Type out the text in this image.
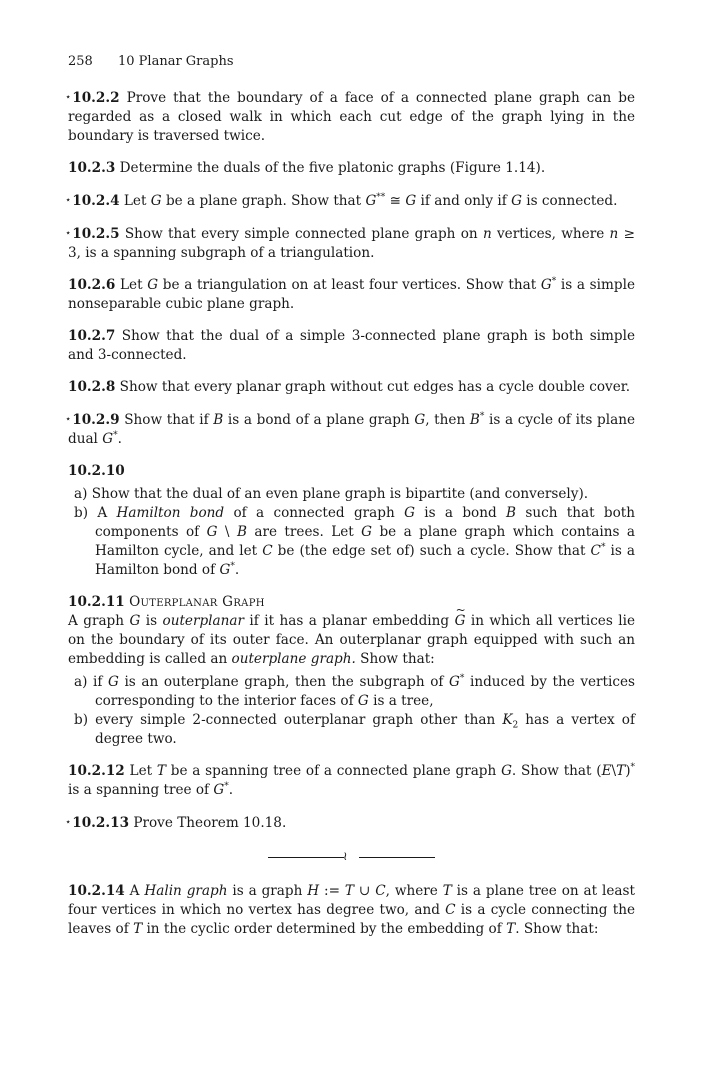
258 10 Planar Graphs

⋆10.2.2 Prove that the boundary of a face of a connected plane graph can be regarded as a closed walk in which each cut edge of the graph lying in the boundary is traversed twice.

10.2.3 Determine the duals of the five platonic graphs (Figure 1.14).

⋆10.2.4 Let G be a plane graph. Show that G** ≅ G if and only if G is connected.

⋆10.2.5 Show that every simple connected plane graph on n vertices, where n ≥ 3, is a spanning subgraph of a triangulation.

10.2.6 Let G be a triangulation on at least four vertices. Show that G* is a simple nonseparable cubic plane graph.

10.2.7 Show that the dual of a simple 3-connected plane graph is both simple and 3-connected.

10.2.8 Show that every planar graph without cut edges has a cycle double cover.

⋆10.2.9 Show that if B is a bond of a plane graph G, then B* is a cycle of its plane dual G*.

10.2.10
a) Show that the dual of an even plane graph is bipartite (and conversely).
b) A Hamilton bond of a connected graph G is a bond B such that both components of G \ B are trees. Let G be a plane graph which contains a Hamilton cycle, and let C be (the edge set of) such a cycle. Show that C* is a Hamilton bond of G*.
10.2.11 Outerplanar Graph
A graph G is outerplanar if it has a planar embedding
~
G in which all vertices lie on the boundary of its outer face. An outerplanar graph equipped with such an embedding is called an outerplane graph. Show that:
a) if G is an outerplane graph, then the subgraph of G* induced by the vertices corresponding to the interior faces of G is a tree,
b) every simple 2-connected outerplanar graph other than $K_2$ has a vertex of degree two.

10.2.12 Let T be a spanning tree of a connected plane graph G. Show that (E\T)* is a spanning tree of G*.

⋆10.2.13 Prove Theorem 10.18.

≀

10.2.14 A Halin graph is a graph H := T ∪ C, where T is a plane tree on at least four vertices in which no vertex has degree two, and C is a cycle connecting the leaves of T in the cyclic order determined by the embedding of T. Show that:
